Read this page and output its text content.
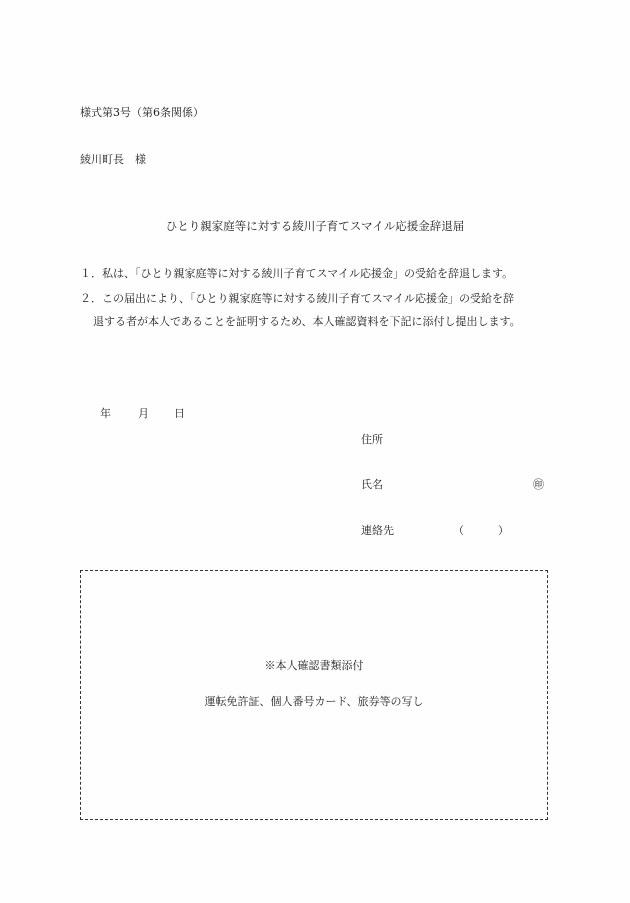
様式第3号（第6条関係）
綾川町長　様
ひとり親家庭等に対する綾川子育てスマイル応援金辞退届
１．私は、「ひとり親家庭等に対する綾川子育てスマイル応援金」の受給を辞退します。
２．この届出により、「ひとり親家庭等に対する綾川子育てスマイル応援金」の受給を辞
退する者が本人であることを証明するため、本人確認資料を下記に添付し提出します。
年 月 日
住所
氏名	㊞
連絡先	（	）
※本人確認書類添付
運転免許証、個人番号カード、旅券等の写し
